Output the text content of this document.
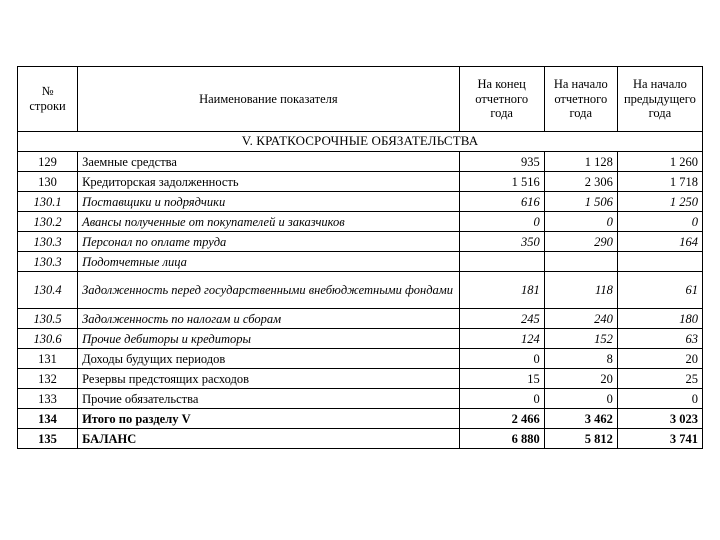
№ строки	Наименование показателя	На конец отчетного года	На начало отчетного года	На начало предыдущего года
V. КРАТКОСРОЧНЫЕ ОБЯЗАТЕЛЬСТВА				
129	Заемные средства	935	1 128	1 260
130	Кредиторская задолженность	1 516	2 306	1 718
130.1	Поставщики и подрядчики	616	1 506	1 250
130.2	Авансы полученные от покупателей и заказчиков	0	0	0
130.3	Персонал по оплате труда	350	290	164
130.3	Подотчетные лица			
130.4	Задолженность перед государственными внебюджетными фондами	181	118	61
130.5	Задолженность по налогам и сборам	245	240	180
130.6	Прочие дебиторы и кредиторы	124	152	63
131	Доходы будущих периодов	0	8	20
132	Резервы предстоящих расходов	15	20	25
133	Прочие обязательства	0	0	0
134	Итого по разделу V	2 466	3 462	3 023
135	БАЛАНС	6 880	5 812	3 741
